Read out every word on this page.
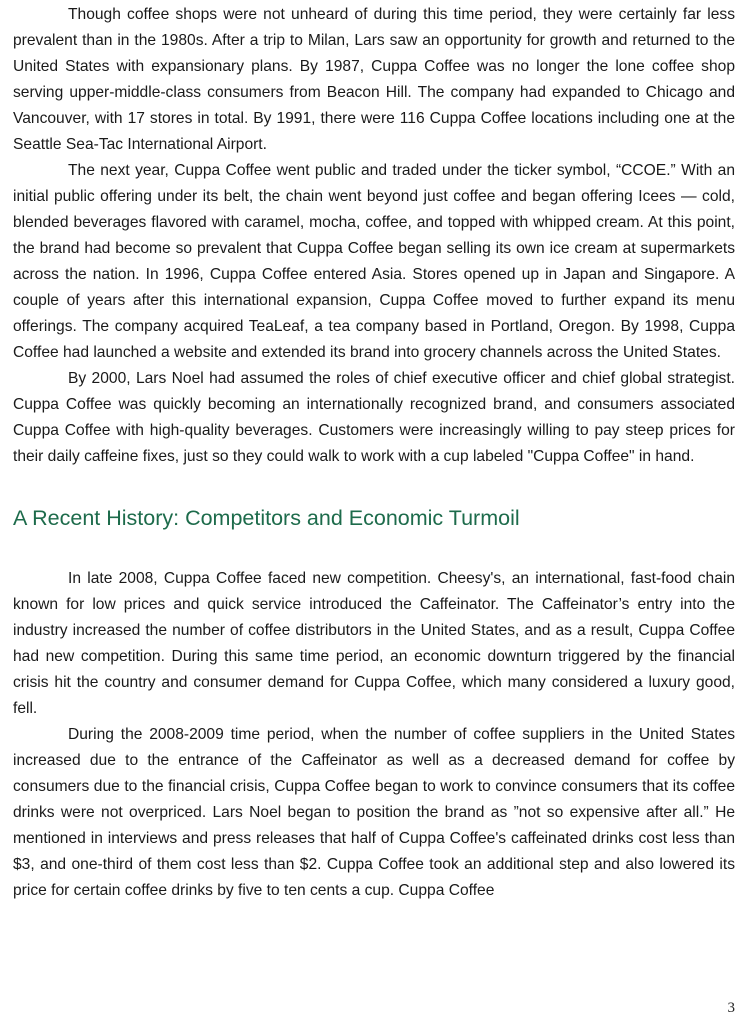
Though coffee shops were not unheard of during this time period, they were certainly far less prevalent than in the 1980s. After a trip to Milan, Lars saw an opportunity for growth and returned to the United States with expansionary plans. By 1987, Cuppa Coffee was no longer the lone coffee shop serving upper-middle-class consumers from Beacon Hill. The company had expanded to Chicago and Vancouver, with 17 stores in total. By 1991, there were 116 Cuppa Coffee locations including one at the Seattle Sea-Tac International Airport.

The next year, Cuppa Coffee went public and traded under the ticker symbol, “CCOE.” With an initial public offering under its belt, the chain went beyond just coffee and began offering Icees — cold, blended beverages flavored with caramel, mocha, coffee, and topped with whipped cream. At this point, the brand had become so prevalent that Cuppa Coffee began selling its own ice cream at supermarkets across the nation. In 1996, Cuppa Coffee entered Asia. Stores opened up in Japan and Singapore. A couple of years after this international expansion, Cuppa Coffee moved to further expand its menu offerings. The company acquired TeaLeaf, a tea company based in Portland, Oregon. By 1998, Cuppa Coffee had launched a website and extended its brand into grocery channels across the United States.

By 2000, Lars Noel had assumed the roles of chief executive officer and chief global strategist. Cuppa Coffee was quickly becoming an internationally recognized brand, and consumers associated Cuppa Coffee with high-quality beverages. Customers were increasingly willing to pay steep prices for their daily caffeine fixes, just so they could walk to work with a cup labeled "Cuppa Coffee" in hand.

A Recent History: Competitors and Economic Turmoil

In late 2008, Cuppa Coffee faced new competition. Cheesy's, an international, fast-food chain known for low prices and quick service introduced the Caffeinator. The Caffeinator’s entry into the industry increased the number of coffee distributors in the United States, and as a result, Cuppa Coffee had new competition. During this same time period, an economic downturn triggered by the financial crisis hit the country and consumer demand for Cuppa Coffee, which many considered a luxury good, fell.

During the 2008-2009 time period, when the number of coffee suppliers in the United States increased due to the entrance of the Caffeinator as well as a decreased demand for coffee by consumers due to the financial crisis, Cuppa Coffee began to work to convince consumers that its coffee drinks were not overpriced. Lars Noel began to position the brand as ”not so expensive after all.” He mentioned in interviews and press releases that half of Cuppa Coffee's caffeinated drinks cost less than $3, and one-third of them cost less than $2. Cuppa Coffee took an additional step and also lowered its price for certain coffee drinks by five to ten cents a cup. Cuppa Coffee

3
